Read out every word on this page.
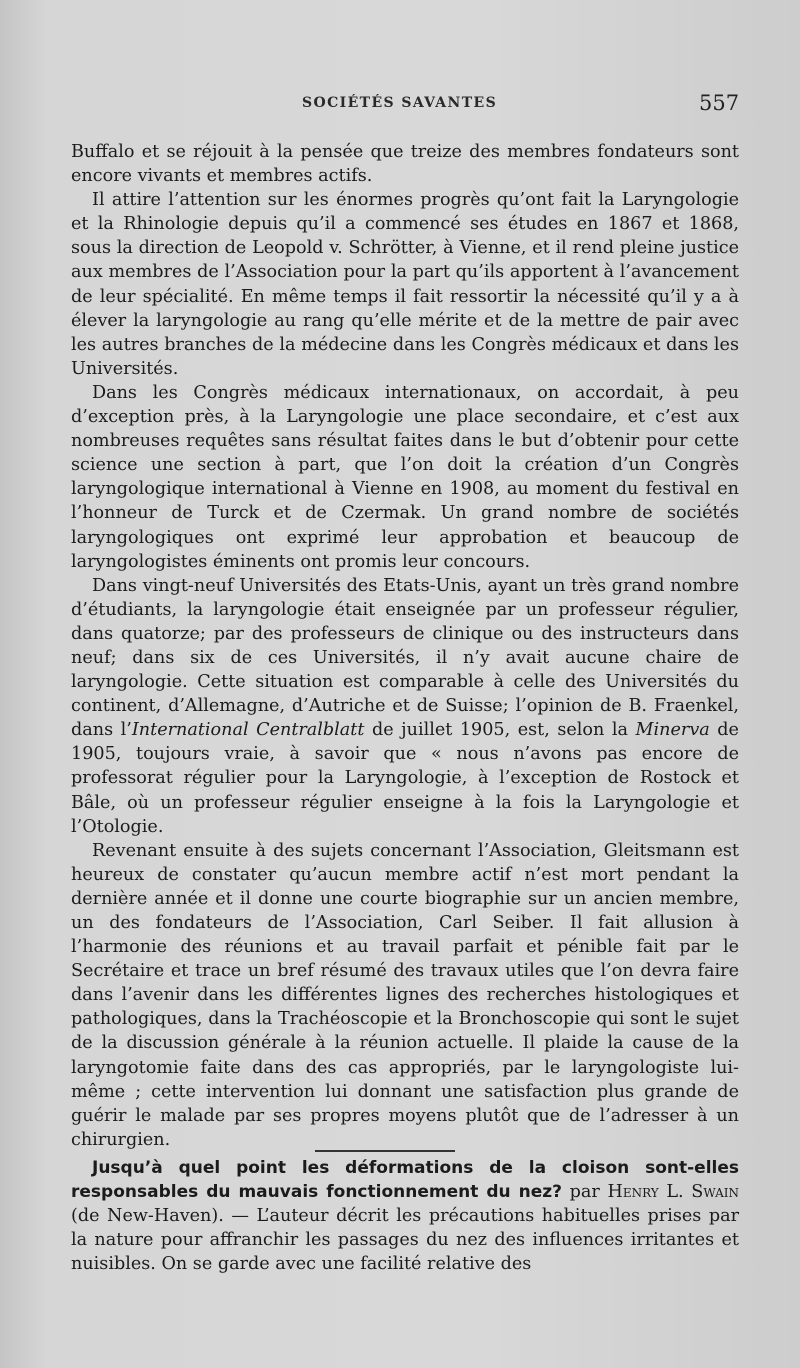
SOCIÉTÉS SAVANTES	557

Buffalo et se réjouit à la pensée que treize des membres fondateurs sont encore vivants et membres actifs.

Il attire l’attention sur les énormes progrès qu’ont fait la Laryngologie et la Rhinologie depuis qu’il a commencé ses études en 1867 et 1868, sous la direction de Leopold v. Schrötter, à Vienne, et il rend pleine justice aux membres de l’Association pour la part qu’ils apportent à l’avancement de leur spécialité. En même temps il fait ressortir la nécessité qu’il y a à élever la laryngologie au rang qu’elle mérite et de la mettre de pair avec les autres branches de la médecine dans les Congrès médicaux et dans les Universités.

Dans les Congrès médicaux internationaux, on accordait, à peu d’exception près, à la Laryngologie une place secondaire, et c’est aux nombreuses requêtes sans résultat faites dans le but d’obtenir pour cette science une section à part, que l’on doit la création d’un Congrès laryngologique international à Vienne en 1908, au moment du festival en l’honneur de Turck et de Czermak. Un grand nombre de sociétés laryngologiques ont exprimé leur approbation et beaucoup de laryngologistes éminents ont promis leur concours.

Dans vingt-neuf Universités des Etats-Unis, ayant un très grand nombre d’étudiants, la laryngologie était enseignée par un professeur régulier, dans quatorze; par des professeurs de clinique ou des instructeurs dans neuf; dans six de ces Universités, il n’y avait aucune chaire de laryngologie. Cette situation est comparable à celle des Universités du continent, d’Allemagne, d’Autriche et de Suisse; l’opinion de B. Fraenkel, dans l’International Centralblatt de juillet 1905, est, selon la Minerva de 1905, toujours vraie, à savoir que « nous n’avons pas encore de professorat régulier pour la Laryngologie, à l’exception de Rostock et Bâle, où un professeur régulier enseigne à la fois la Laryngologie et l’Otologie.

Revenant ensuite à des sujets concernant l’Association, Gleitsmann est heureux de constater qu’aucun membre actif n’est mort pendant la dernière année et il donne une courte biographie sur un ancien membre, un des fondateurs de l’Association, Carl Seiber. Il fait allusion à l’harmonie des réunions et au travail parfait et pénible fait par le Secrétaire et trace un bref résumé des travaux utiles que l’on devra faire dans l’avenir dans les différentes lignes des recherches histologiques et pathologiques, dans la Trachéoscopie et la Bronchoscopie qui sont le sujet de la discussion générale à la réunion actuelle. Il plaide la cause de la laryngotomie faite dans des cas appropriés, par le laryngologiste lui-même ; cette intervention lui donnant une satisfaction plus grande de guérir le malade par ses propres moyens plutôt que de l’adresser à un chirurgien.

Jusqu’à quel point les déformations de la cloison sont-elles responsables du mauvais fonctionnement du nez? par Henry L. Swain (de New-Haven). — L’auteur décrit les précautions habituelles prises par la nature pour affranchir les passages du nez des influences irritantes et nuisibles. On se garde avec une facilité relative des
